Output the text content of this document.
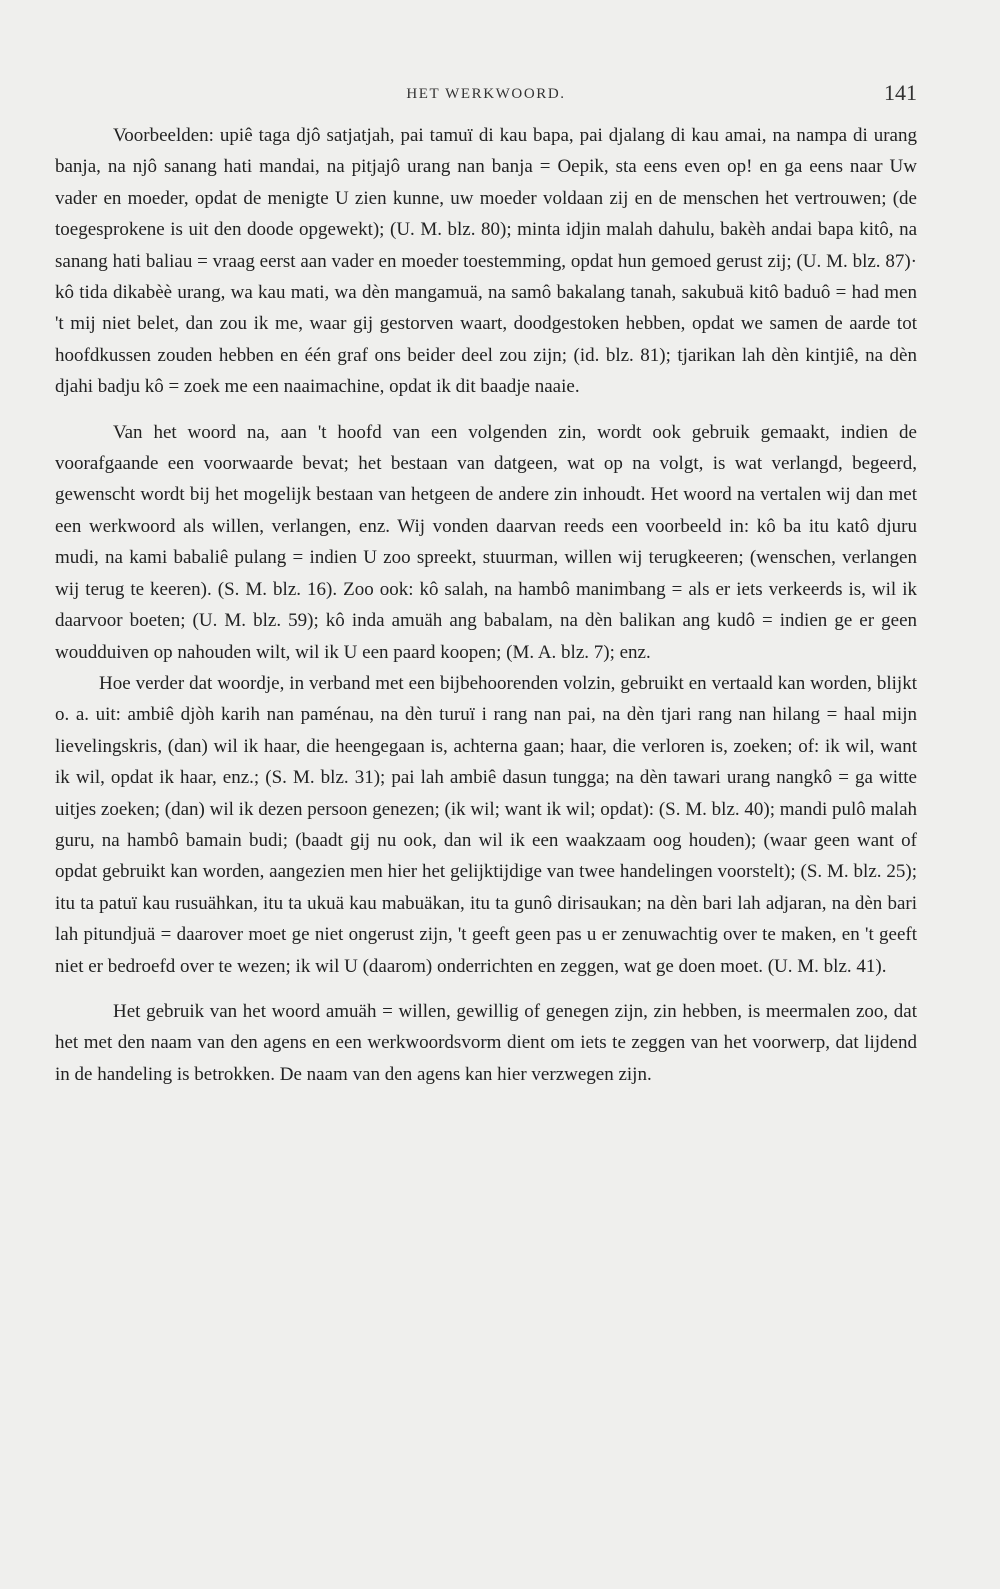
HET WERKWOORD.	141

Voorbeelden: upiê taga djô satjatjah, pai tamuï di kau bapa, pai djalang di kau amai, na nampa di urang banja, na njô sanang hati mandai, na pitjajô urang nan banja = Oepik, sta eens even op! en ga eens naar Uw vader en moeder, opdat de menigte U zien kunne, uw moeder voldaan zij en de menschen het vertrouwen; (de toegesprokene is uit den doode opgewekt); (U. M. blz. 80); minta idjin malah dahulu, bakèh andai bapa kitô, na sanang hati baliau = vraag eerst aan vader en moeder toestemming, opdat hun gemoed gerust zij; (U. M. blz. 87)· kô tida dikabèè urang, wa kau mati, wa dèn mangamuä, na samô bakalang tanah, sakubuä kitô baduô = had men 't mij niet belet, dan zou ik me, waar gij gestorven waart, doodgestoken hebben, opdat we samen de aarde tot hoofdkussen zouden hebben en één graf ons beider deel zou zijn; (id. blz. 81); tjarikan lah dèn kintjiê, na dèn djahi badju kô = zoek me een naaimachine, opdat ik dit baadje naaie.

Van het woord na, aan 't hoofd van een volgenden zin, wordt ook gebruik gemaakt, indien de voorafgaande een voorwaarde bevat; het bestaan van datgeen, wat op na volgt, is wat verlangd, begeerd, gewenscht wordt bij het mogelijk bestaan van hetgeen de andere zin inhoudt. Het woord na vertalen wij dan met een werkwoord als willen, verlangen, enz. Wij vonden daarvan reeds een voorbeeld in: kô ba itu katô djuru mudi, na kami babaliê pulang = indien U zoo spreekt, stuurman, willen wij terugkeeren; (wenschen, verlangen wij terug te keeren). (S. M. blz. 16). Zoo ook: kô salah, na hambô manimbang = als er iets verkeerds is, wil ik daarvoor boeten; (U. M. blz. 59); kô inda amuäh ang babalam, na dèn balikan ang kudô = indien ge er geen woudduiven op nahouden wilt, wil ik U een paard koopen; (M. A. blz. 7); enz.

Hoe verder dat woordje, in verband met een bijbehoorenden volzin, gebruikt en vertaald kan worden, blijkt o. a. uit: ambiê djòh karih nan paménau, na dèn turuï i rang nan pai, na dèn tjari rang nan hilang = haal mijn lievelingskris, (dan) wil ik haar, die heengegaan is, achterna gaan; haar, die verloren is, zoeken; of: ik wil, want ik wil, opdat ik haar, enz.; (S. M. blz. 31); pai lah ambiê dasun tungga; na dèn tawari urang nangkô = ga witte uitjes zoeken; (dan) wil ik dezen persoon genezen; (ik wil; want ik wil; opdat): (S. M. blz. 40); mandi pulô malah guru, na hambô bamain budi; (baadt gij nu ook, dan wil ik een waakzaam oog houden); (waar geen want of opdat gebruikt kan worden, aangezien men hier het gelijktijdige van twee handelingen voorstelt); (S. M. blz. 25); itu ta patuï kau rusuähkan, itu ta ukuä kau mabuäkan, itu ta gunô dirisaukan; na dèn bari lah adjaran, na dèn bari lah pitundjuä = daarover moet ge niet ongerust zijn, 't geeft geen pas u er zenuwachtig over te maken, en 't geeft niet er bedroefd over te wezen; ik wil U (daarom) onderrichten en zeggen, wat ge doen moet. (U. M. blz. 41).

Het gebruik van het woord amuäh = willen, gewillig of genegen zijn, zin hebben, is meermalen zoo, dat het met den naam van den agens en een werkwoordsvorm dient om iets te zeggen van het voorwerp, dat lijdend in de handeling is betrokken. De naam van den agens kan hier verzwegen zijn.
